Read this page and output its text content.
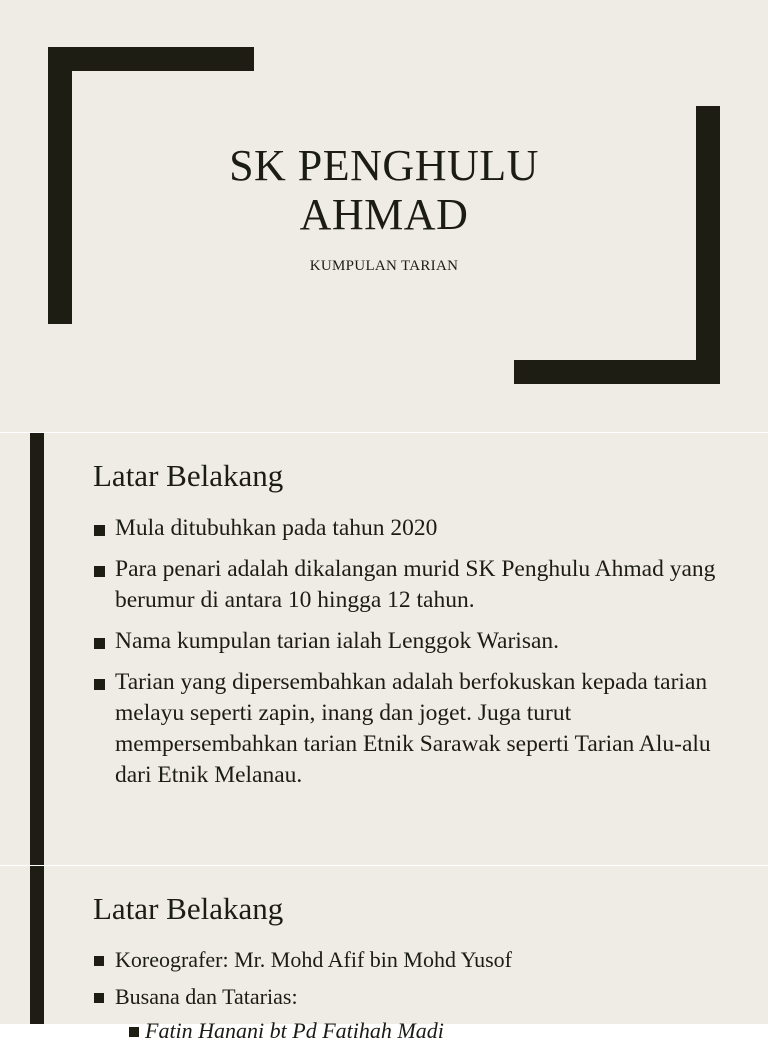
SK PENGHULU
AHMAD
KUMPULAN TARIAN
Latar Belakang
Mula ditubuhkan pada tahun 2020
Para penari adalah dikalangan murid SK Penghulu Ahmad yang berumur di antara 10 hingga 12 tahun.
Nama kumpulan tarian ialah Lenggok Warisan.
Tarian yang dipersembahkan adalah berfokuskan kepada tarian melayu seperti zapin, inang dan joget. Juga turut mempersembahkan tarian Etnik Sarawak seperti Tarian Alu-alu dari Etnik Melanau.
Latar Belakang
Koreografer: Mr. Mohd Afif bin Mohd Yusof
Busana dan Tatarias:
Fatin Hanani bt Pd Fatihah Madi
